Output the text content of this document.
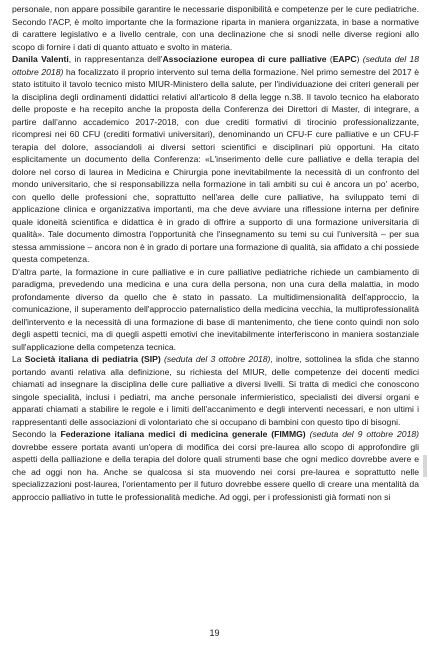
personale, non appare possibile garantire le necessarie disponibilità e competenze per le cure pediatriche. Secondo l'ACP, è molto importante che la formazione riparta in maniera organizzata, in base a normative di carattere legislativo e a livello centrale, con una declinazione che si snodi nelle diverse regioni allo scopo di fornire i dati di quanto attuato e svolto in materia.

Danila Valenti, in rappresentanza dell'Associazione europea di cure palliative (EAPC) (seduta del 18 ottobre 2018) ha focalizzato il proprio intervento sul tema della formazione. Nel primo semestre del 2017 è stato istituito il tavolo tecnico misto MIUR-Ministero della salute, per l'individuazione dei criteri generali per la disciplina degli ordinamenti didattici relativi all'articolo 8 della legge n.38. Il tavolo tecnico ha elaborato delle proposte e ha recepito anche la proposta della Conferenza dei Direttori di Master, di integrare, a partire dall'anno accademico 2017-2018, con due crediti formativi di tirocinio professionalizzante, ricompresi nei 60 CFU (crediti formativi universitari), denominando un CFU-F cure palliative e un CFU-F terapia del dolore, associandoli ai diversi settori scientifici e disciplinari più opportuni. Ha citato esplicitamente un documento della Conferenza: «L'inserimento delle cure palliative e della terapia del dolore nel corso di laurea in Medicina e Chirurgia pone inevitabilmente la necessità di un confronto del mondo universitario, che si responsabilizza nella formazione in tali ambiti su cui è ancora un po' acerbo, con quello delle professioni che, soprattutto nell'area delle cure palliative, ha sviluppato temi di applicazione clinica e organizzativa importanti, ma che deve avviare una riflessione interna per definire quale idoneità scientifica e didattica è in grado di offrire a supporto di una formazione universitaria di qualità». Tale documento dimostra l'opportunità che l'insegnamento su temi su cui l'università – per sua stessa ammissione – ancora non è in grado di portare una formazione di qualità, sia affidato a chi possiede questa competenza.

D'altra parte, la formazione in cure palliative e in cure palliative pediatriche richiede un cambiamento di paradigma, prevedendo una medicina e una cura della persona, non una cura della malattia, in modo profondamente diverso da quello che è stato in passato. La multidimensionalità dell'approccio, la comunicazione, il superamento dell'approccio paternalistico della medicina vecchia, la multiprofessionalità dell'intervento e la necessità di una formazione di base di mantenimento, che tiene conto quindi non solo degli aspetti tecnici, ma di quegli aspetti emotivi che inevitabilmente interferiscono in maniera sostanziale sull'applicazione della competenza tecnica.

La Società italiana di pediatria (SIP) (seduta del 3 ottobre 2018), inoltre, sottolinea la sfida che stanno portando avanti relativa alla definizione, su richiesta del MIUR, delle competenze dei docenti medici chiamati ad insegnare la disciplina delle cure palliative a diversi livelli. Si tratta di medici che conoscono singole specialità, inclusi i pediatri, ma anche personale infermieristico, specialisti dei diversi organi e apparati chiamati a stabilire le regole e i limiti dell'accanimento e degli interventi necessari, e non ultimi i rappresentanti delle associazioni di volontariato che si occupano di bambini con questo tipo di bisogni.

Secondo la Federazione italiana medici di medicina generale (FIMMG) (seduta del 9 ottobre 2018) dovrebbe essere portata avanti un'opera di modifica dei corsi pre-laurea allo scopo di approfondire gli aspetti della palliazione e della terapia del dolore quali strumenti base che ogni medico dovrebbe avere e che ad oggi non ha. Anche se qualcosa si sta muovendo nei corsi pre-laurea e soprattutto nelle specializzazioni post-laurea, l'orientamento per il futuro dovrebbe essere quello di creare una mentalità da approccio palliativo in tutte le professionalità mediche. Ad oggi, per i professionisti già formati non si

19
